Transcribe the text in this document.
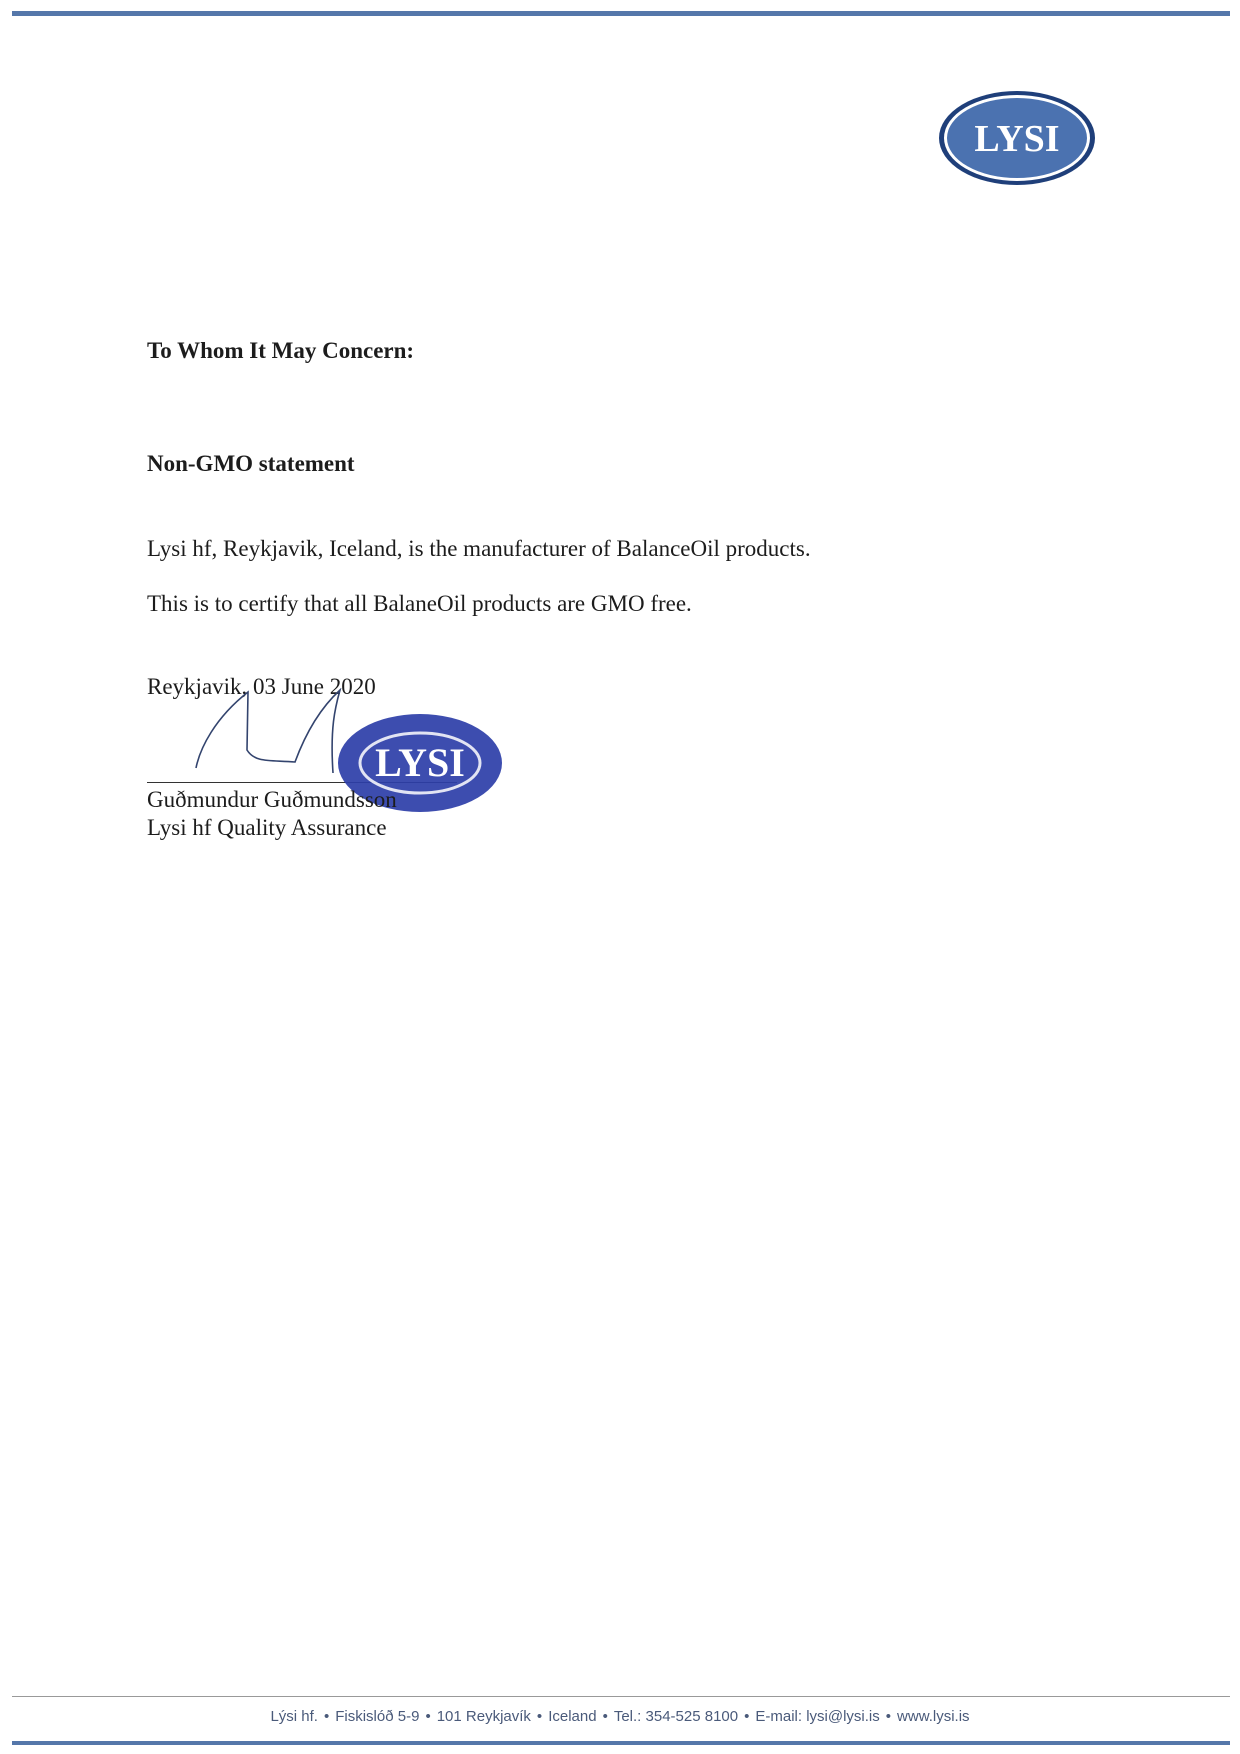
LYSI

To Whom It May Concern:

Non-GMO statement

Lysi hf, Reykjavik, Iceland, is the manufacturer of BalanceOil products.

This is to certify that all BalaneOil products are GMO free.

Reykjavik, 03 June 2020

LYSI

Guðmundur Guðmundsson

Lysi hf Quality Assurance

Lýsi hf. • Fiskislóð 5-9 • 101 Reykjavík • Iceland • Tel.: 354-525 8100 • E-mail: lysi@lysi.is • www.lysi.is
